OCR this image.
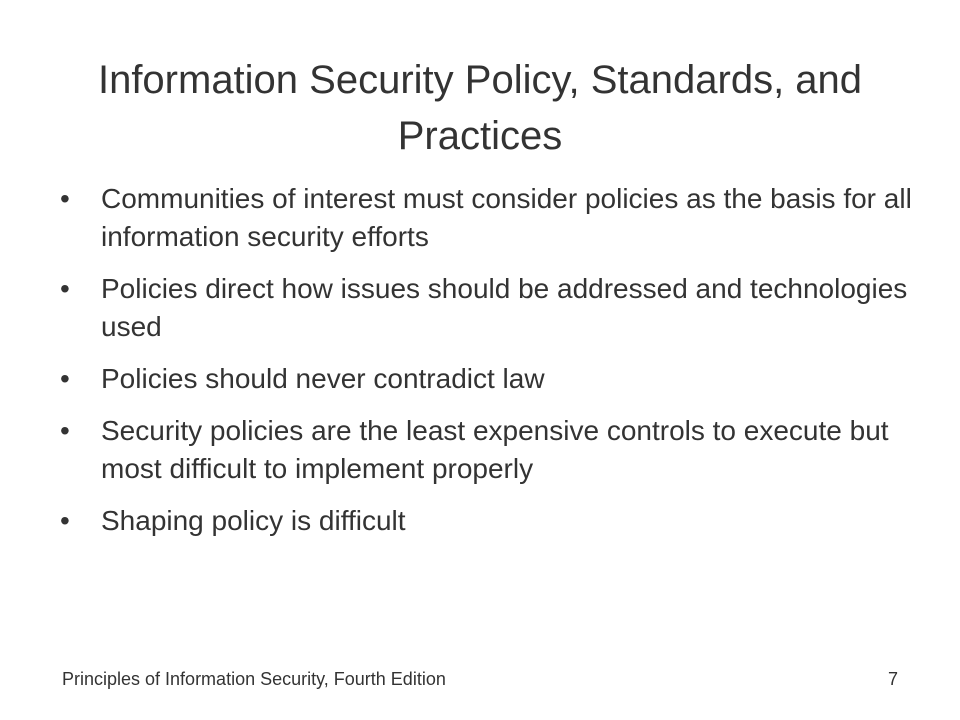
Information Security Policy, Standards, and Practices
•	Communities of interest must consider policies as the basis for all information security efforts
•	Policies direct how issues should be addressed and technologies used
•	Policies should never contradict law
•	Security policies are the least expensive controls to execute but most difficult to implement properly
•	Shaping policy is difficult
Principles of Information Security, Fourth Edition	7
